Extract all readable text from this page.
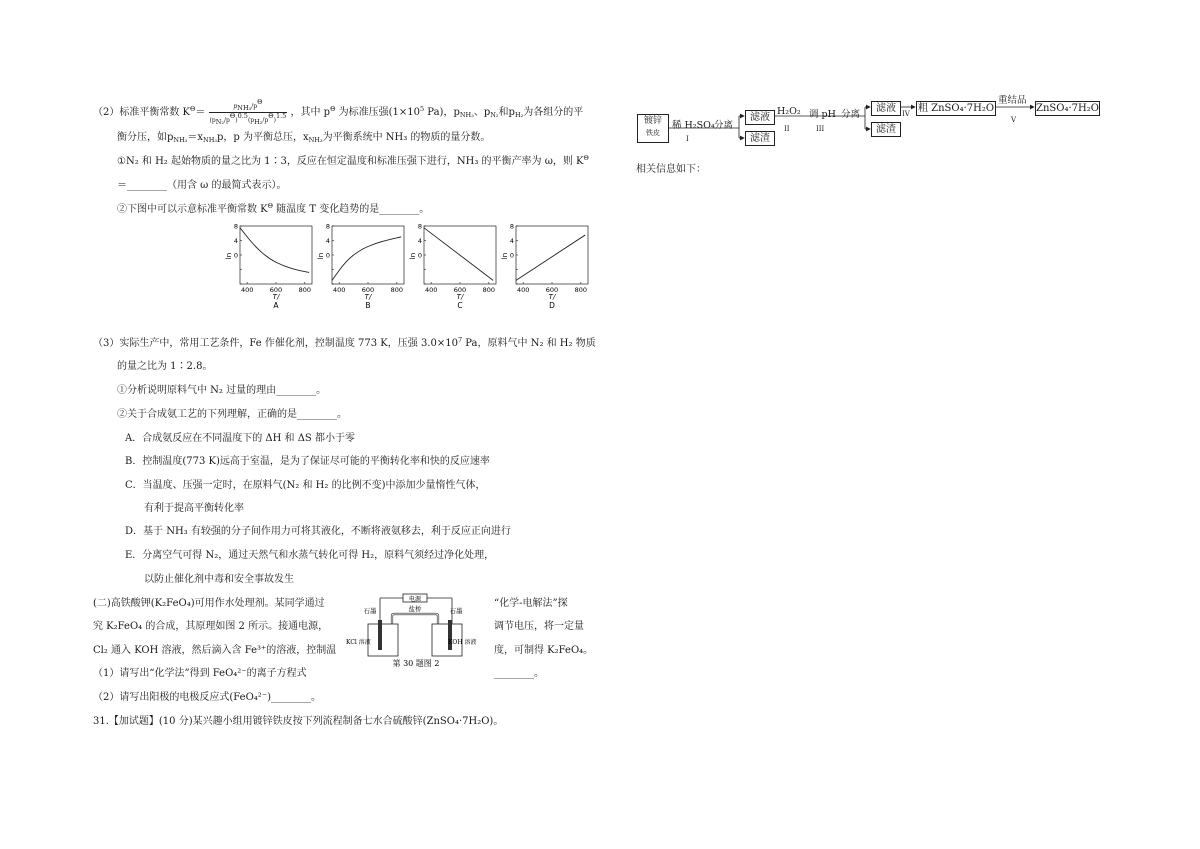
（2）标准平衡常数 $K^\Theta= \frac{\text{pNH₃/pΘ}}{\text{(pN₂/pΘ)0.5(pH₂/pΘ)1.5}}$ ，其中 $p^\Theta$ 为标准压强($1\times 10^5$ Pa)，$p_{NH_3}$、$p_{N_2}$和$p_{H_2}$为各组分的平
衡分压，如$p_{NH_3}=x_{NH_3}p$，p 为平衡总压，$x_{NH_3}$为平衡系统中 NH₃ 的物质的量分数。
①N₂ 和 H₂ 起始物质的量之比为 1∶3，反应在恒定温度和标准压强下进行，NH₃ 的平衡产率为 ω，则 $K^\Theta$
＝________（用含 ω 的最简式表示）。
②下图中可以示意标准平衡常数 $K^\Theta$ 随温度 T 变化趋势的是________。
8
4
0
ln
400	600	800
T/
A
8
4
0
ln
400	600	800
T/
B
8
4
0
ln
400	600	800
T/
C
8
4
0
ln
400	600	800
T/
D
（3）实际生产中，常用工艺条件，Fe 作催化剂，控制温度 773 K，压强 $3.0\times 10^7$ Pa，原料气中 N₂ 和 H₂ 物质
的量之比为 1∶2.8。
①分析说明原料气中 N₂ 过量的理由________。
②关于合成氨工艺的下列理解，正确的是________。
A．合成氨反应在不同温度下的 ΔH 和 ΔS 都小于零
B．控制温度(773 K)远高于室温，是为了保证尽可能的平衡转化率和快的反应速率
C．当温度、压强一定时，在原料气(N₂ 和 H₂ 的比例不变)中添加少量惰性气体，
有利于提高平衡转化率
D．基于 NH₃ 有较强的分子间作用力可将其液化，不断将液氨移去，利于反应正向进行
E．分离空气可得 N₂，通过天然气和水蒸气转化可得 H₂，原料气须经过净化处理，
以防止催化剂中毒和安全事故发生
(二)高铁酸钾(K₂FeO₄)可用作水处理剂。某同学通过	“化学-电解法”探
究 K₂FeO₄ 的合成，其原理如图 2 所示。接通电源，	调节电压，将一定量
Cl₂ 通入 KOH 溶液，然后滴入含 Fe³⁺的溶液，控制温	度，可制得 K₂FeO₄。
（1）请写出“化学法”得到 FeO₄²⁻的离子方程式	________。
（2）请写出阳极的电极反应式(FeO₄²⁻)________。
电源
盐桥
石墨	石墨
KCl 溶液	KOH 溶液
第 30 题图 2
31.【加试题】(10 分)某兴趣小组用镀锌铁皮按下列流程制备七水合硫酸锌(ZnSO₄·7H₂O)。
镀锌
铁皮
稀 H₂SO₄
I
分离
滤液
滤渣
H₂O₂
II
调 pH
III
分离
滤液
滤渣
IV 粗 ZnSO₄·7H₂O
重结品
V
ZnSO₄·7H₂O
相关信息如下：
